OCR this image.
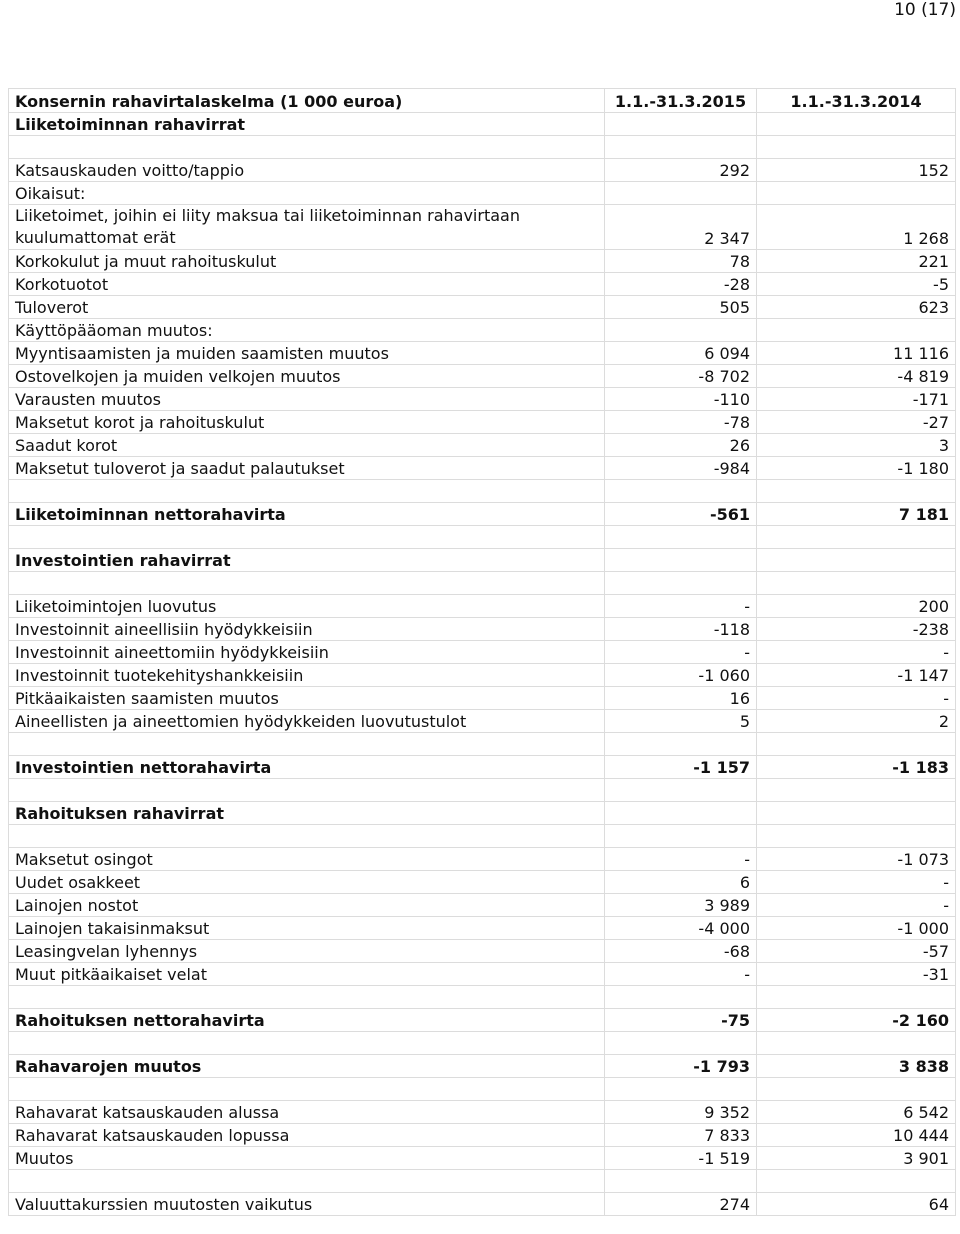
10 (17)
Konsernin rahavirtalaskelma (1 000 euroa)	1.1.-31.3.2015	1.1.-31.3.2014
Liiketoiminnan rahavirrat		

Katsauskauden voitto/tappio	292	152
Oikaisut:		
Liiketoimet, joihin ei liity maksua tai liiketoiminnan rahavirtaan kuulumattomat erät	2 347	1 268
Korkokulut ja muut rahoituskulut	78	221
Korkotuotot	-28	-5
Tuloverot	505	623
Käyttöpääoman muutos:		
Myyntisaamisten ja muiden saamisten muutos	6 094	11 116
Ostovelkojen ja muiden velkojen muutos	-8 702	-4 819
Varausten muutos	-110	-171
Maksetut korot ja rahoituskulut	-78	-27
Saadut korot	26	3
Maksetut tuloverot ja saadut palautukset	-984	-1 180

Liiketoiminnan nettorahavirta	-561	7 181

Investointien rahavirrat		

Liiketoimintojen luovutus	-	200
Investoinnit aineellisiin hyödykkeisiin	-118	-238
Investoinnit aineettomiin hyödykkeisiin	-	-
Investoinnit tuotekehityshankkeisiin	-1 060	-1 147
Pitkäaikaisten saamisten muutos	16	-
Aineellisten ja aineettomien hyödykkeiden luovutustulot	5	2

Investointien nettorahavirta	-1 157	-1 183

Rahoituksen rahavirrat		

Maksetut osingot	-	-1 073
Uudet osakkeet	6	-
Lainojen nostot	3 989	-
Lainojen takaisinmaksut	-4 000	-1 000
Leasingvelan lyhennys	-68	-57
Muut pitkäaikaiset velat	-	-31

Rahoituksen nettorahavirta	-75	-2 160

Rahavarojen muutos	-1 793	3 838

Rahavarat katsauskauden alussa	9 352	6 542
Rahavarat katsauskauden lopussa	7 833	10 444
Muutos	-1 519	3 901

Valuuttakurssien muutosten vaikutus	274	64
